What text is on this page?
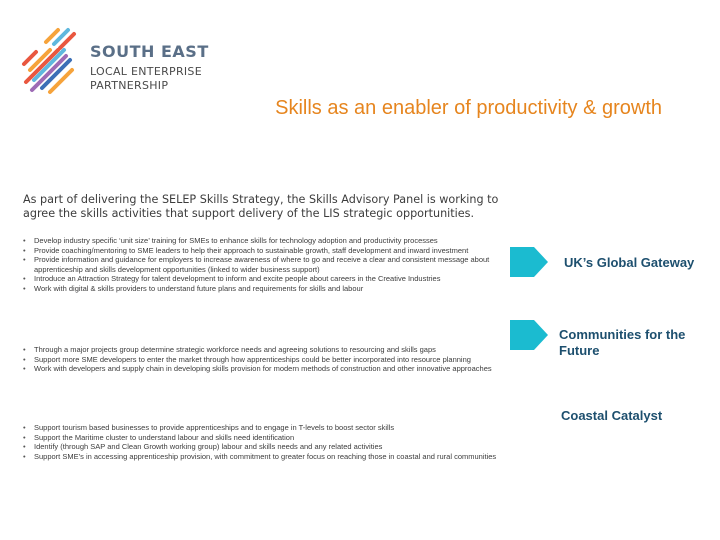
SOUTH EAST
LOCAL ENTERPRISE
PARTNERSHIP
Skills as an enabler of productivity & growth
As part of delivering the SELEP Skills Strategy, the Skills Advisory Panel is working to agree the skills activities that support delivery of the LIS strategic opportunities.
• Develop industry specific ‘unit size’ training for SMEs to enhance skills for technology adoption and productivity processes
• Provide coaching/mentoring to SME leaders to help their approach to sustainable growth, staff development and inward investment
• Provide information and guidance for employers to increase awareness of where to go and receive a clear and consistent message about apprenticeship and skills development opportunities (linked to wider business support)
• Introduce an Attraction Strategy for talent development to inform and excite people about careers in the Creative Industries
• Work with digital & skills providers to understand future plans and requirements for skills and labour
• Through a major projects group determine strategic workforce needs and agreeing solutions to resourcing and skills gaps
• Support more SME developers to enter the market through how apprenticeships could be better incorporated into resource planning
• Work with developers and supply chain in developing skills provision for modern methods of construction and other innovative approaches
• Support tourism based businesses to provide apprenticeships and to engage in T-levels to boost sector skills
• Support the Maritime cluster to understand labour and skills need identification
• Identify (through SAP and Clean Growth working group) labour and skills needs and any related activities
• Support SME’s in accessing apprenticeship provision, with commitment to greater focus on reaching those in coastal and rural communities
UK’s Global Gateway
Communities for the Future
Coastal Catalyst
